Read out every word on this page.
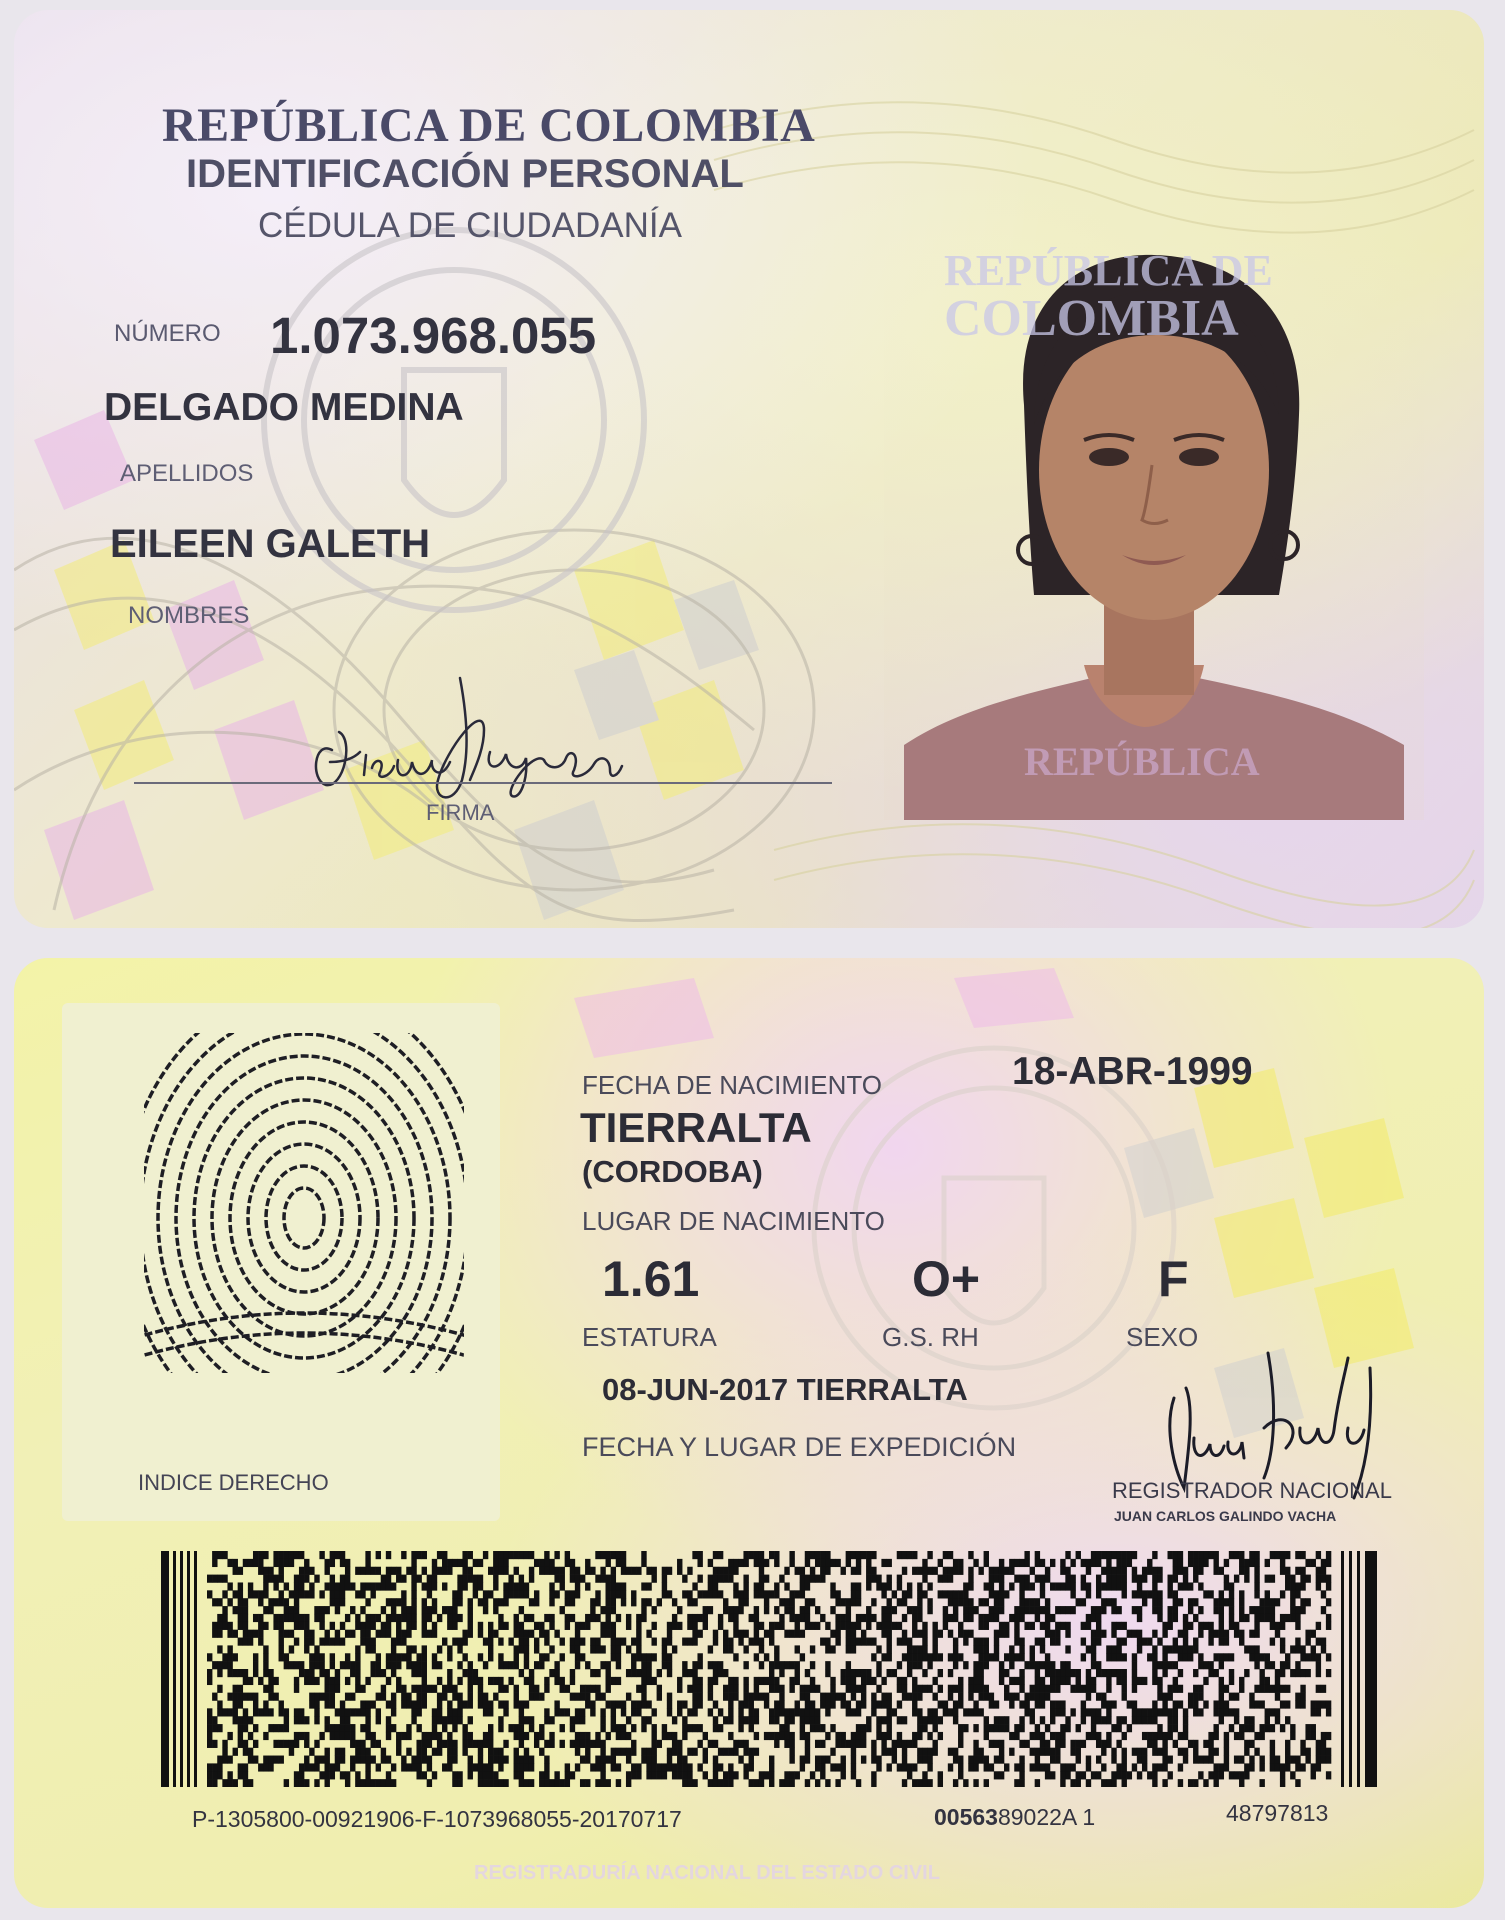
REPÚBLICA DE COLOMBIA
IDENTIFICACIÓN PERSONAL
CÉDULA DE CIUDADANÍA
NÚMERO 1.073.968.055
DELGADO MEDINA
APELLIDOS
EILEEN GALETH
NOMBRES
FIRMA
REPÚBLICA DE
COLOMBIA
REPÚBLICA
INDICE DERECHO
FECHA DE NACIMIENTO	18-ABR-1999
TIERRALTA
(CORDOBA)
LUGAR DE NACIMIENTO
1.61	O+	F
ESTATURA	G.S. RH	SEXO
08-JUN-2017 TIERRALTA
FECHA Y LUGAR DE EXPEDICIÓN
REGISTRADOR NACIONAL
JUAN CARLOS GALINDO VACHA
P-1305800-00921906-F-1073968055-20170717	0056389022A 1	48797813
REGISTRADURÍA NACIONAL DEL ESTADO CIVIL
